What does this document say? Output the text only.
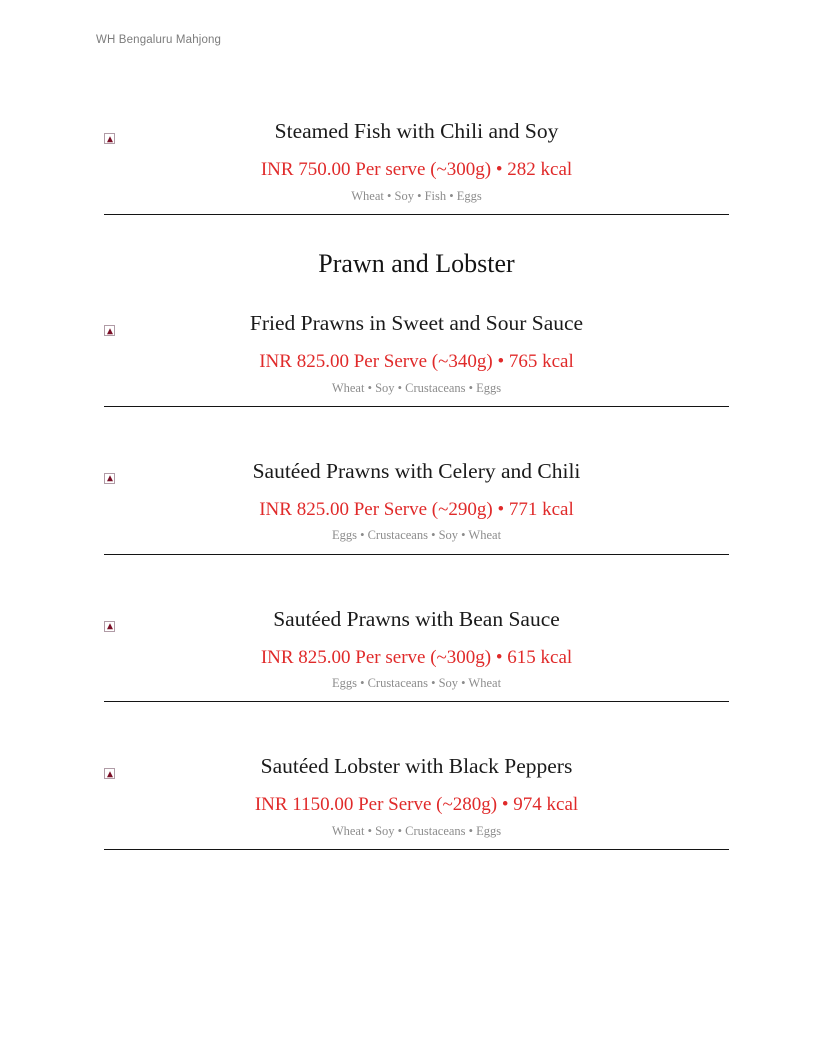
WH Bengaluru Mahjong
Steamed Fish with Chili and Soy
INR 750.00 Per serve (~300g) • 282 kcal
Wheat • Soy • Fish • Eggs
Prawn and Lobster
Fried Prawns in Sweet and Sour Sauce
INR 825.00 Per Serve (~340g) • 765 kcal
Wheat • Soy • Crustaceans • Eggs
Sautéed Prawns with Celery and Chili
INR 825.00 Per Serve (~290g) • 771 kcal
Eggs • Crustaceans • Soy • Wheat
Sautéed Prawns with Bean Sauce
INR 825.00 Per serve (~300g) • 615 kcal
Eggs • Crustaceans • Soy • Wheat
Sautéed Lobster with Black Peppers
INR 1150.00 Per Serve (~280g) • 974 kcal
Wheat • Soy • Crustaceans • Eggs
